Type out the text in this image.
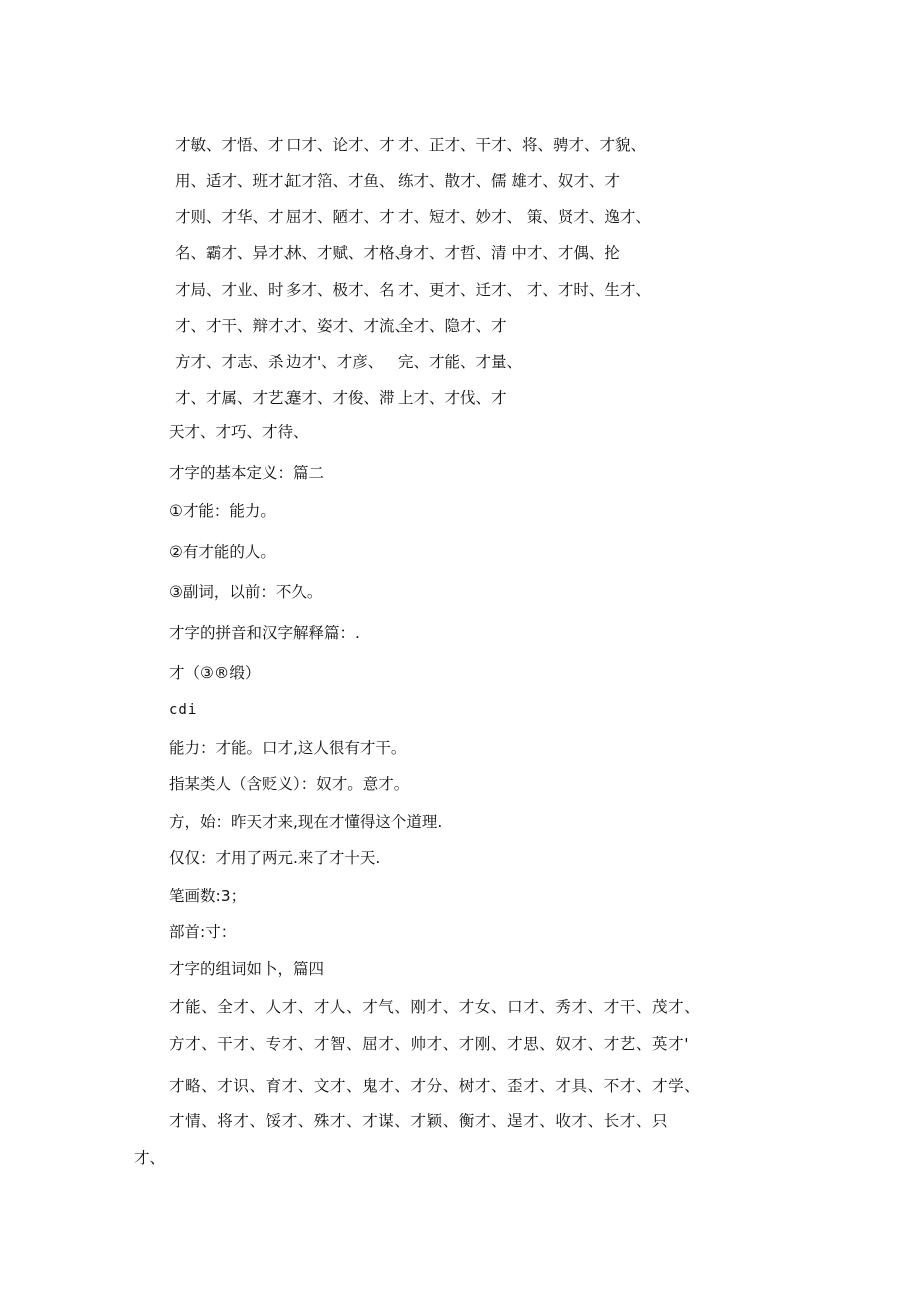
才敏、才悟、才 口才、论才、才 才、正才、干才、将、骋才、才貌、
用、适才、班才、
缸才箔、才鱼、 练才、散才、儒 雄才、奴才、才
才则、才华、才 屈才、陋才、才 才、短才、妙才、 策、贤才、逸才、
名、霸才、异才、
林、才赋、才格、
身才、才哲、清 中才、才偶、抡
才局、才业、时 多才、极才、名 才、更才、迁才、 才、才时、生才、
才、才干、辩才、
才、姿才、才流、
全才、隐才、才
方才、才志、杀 边才'、才彦、 完、才能、才量、
才、才属、才艺、
蹇才、才俊、滞 上才、才伐、才
天才、才巧、才待、
才字的基本定义：篇二
①才能：能力。
②有才能的人。
③副词，以前：不久。
才字的拼音和汉字解释篇：.
才（③®缎）
cdi
能力：才能。口才,这人很有才干。
指某类人（含贬义）：奴才。意才。
方，始：昨天才来,现在才懂得这个道理.
仅仅：才用了两元.来了才十天.
笔画数:3；
部首:寸：
才字的组词如卜，篇四
才能、全才、人才、才人、才气、刚才、才女、口才、秀才、才干、茂才、
方才、干才、专才、才智、屈才、帅才、才刚、才思、奴才、才艺、英才'
才略、才识、育才、文才、鬼才、才分、树才、歪才、才具、不才、才学、
才情、将才、馁才、殊才、才谋、才颖、衡才、逞才、收才、长才、只
才、
